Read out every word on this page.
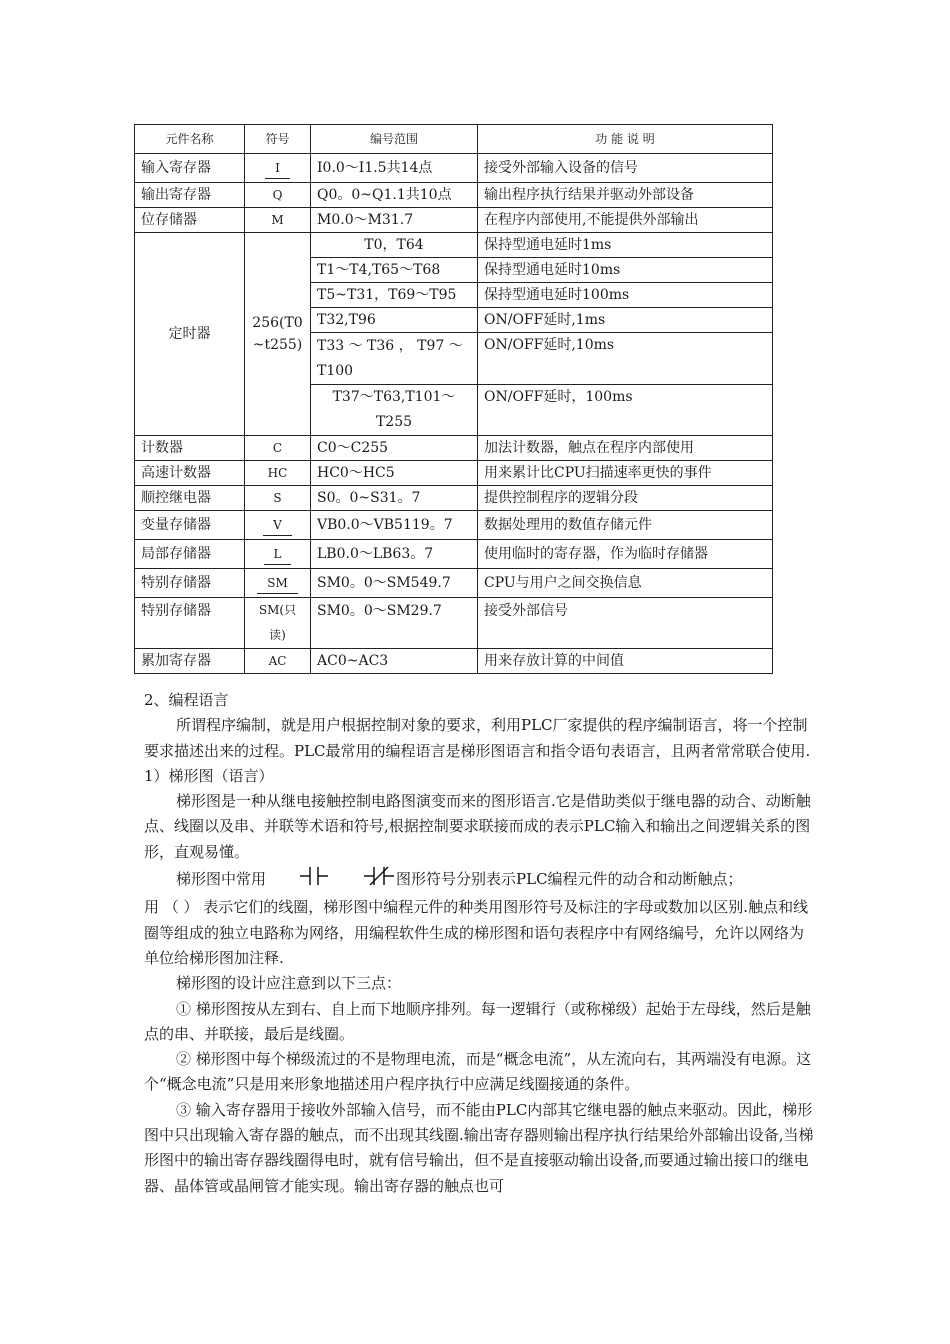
元件名称	符号	编号范围	功 能 说 明
输入寄存器	I	I0.0～I1.5共14点	接受外部输入设备的信号
输出寄存器	Q	Q0。0~Q1.1共10点	输出程序执行结果并驱动外部设备
位存储器	M	M0.0～M31.7	在程序内部使用,不能提供外部输出
定时器	256(T0~t255)	T0，T64	保持型通电延时1ms
		T1～T4,T65～T68	保持型通电延时10ms
		T5~T31，T69～T95	保持型通电延时100ms
		T32,T96	ON/OFF延时,1ms
		T33 ～ T36 ， T97 ～ T100	ON/OFF延时,10ms
		T37～T63,T101～T255	ON/OFF延时，100ms
计数器	C	C0～C255	加法计数器，触点在程序内部使用
高速计数器	HC	HC0～HC5	用来累计比CPU扫描速率更快的事件
顺控继电器	S	S0。0~S31。7	提供控制程序的逻辑分段
变量存储器	V	VB0.0～VB5119。7	数据处理用的数值存储元件
局部存储器	L	LB0.0～LB63。7	使用临时的寄存器，作为临时存储器
特别存储器	SM	SM0。0～SM549.7	CPU与用户之间交换信息
特别存储器	SM(只读)	SM0。0～SM29.7	接受外部信号
累加寄存器	AC	AC0~AC3	用来存放计算的中间值

2、编程语言

所谓程序编制，就是用户根据控制对象的要求，利用PLC厂家提供的程序编制语言，将一个控制要求描述出来的过程。PLC最常用的编程语言是梯形图语言和指令语句表语言，且两者常常联合使用.

1）梯形图（语言）

梯形图是一种从继电接触控制电路图演变而来的图形语言.它是借助类似于继电器的动合、动断触点、线圈以及串、并联等术语和符号,根据控制要求联接而成的表示PLC输入和输出之间逻辑关系的图形，直观易懂。

梯形图中常用	图形符号分别表示PLC编程元件的动合和动断触点；

用 （ ） 表示它们的线圈，梯形图中编程元件的种类用图形符号及标注的字母或数加以区别.触点和线圈等组成的独立电路称为网络，用编程软件生成的梯形图和语句表程序中有网络编号，允许以网络为单位给梯形图加注释.

梯形图的设计应注意到以下三点：

① 梯形图按从左到右、自上而下地顺序排列。每一逻辑行（或称梯级）起始于左母线，然后是触点的串、并联接，最后是线圈。

② 梯形图中每个梯级流过的不是物理电流，而是“概念电流”，从左流向右，其两端没有电源。这个“概念电流”只是用来形象地描述用户程序执行中应满足线圈接通的条件。

③ 输入寄存器用于接收外部输入信号，而不能由PLC内部其它继电器的触点来驱动。因此，梯形图中只出现输入寄存器的触点，而不出现其线圈.输出寄存器则输出程序执行结果给外部输出设备,当梯形图中的输出寄存器线圈得电时，就有信号输出，但不是直接驱动输出设备,而要通过输出接口的继电器、晶体管或晶闸管才能实现。输出寄存器的触点也可
